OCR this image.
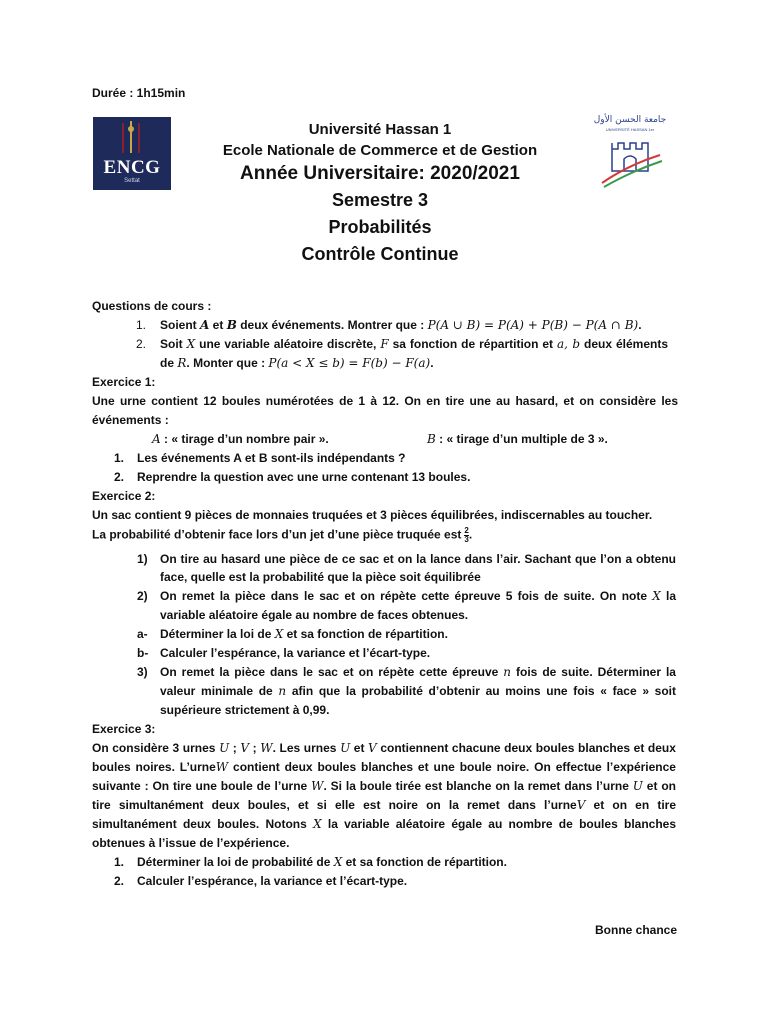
Durée : 1h15min
ENCG
Settat
جامعة الحسن الأول
UNIVERSITÉ HASSAN 1er
Université Hassan 1
Ecole Nationale de Commerce et de Gestion
Année Universitaire: 2020/2021
Semestre 3
Probabilités
Contrôle Continue
Questions de cours :
1. Soient A et B deux événements. Montrer que : P(A ∪ B) = P(A) + P(B) − P(A ∩ B).
2. Soit X une variable aléatoire discrète, F sa fonction de répartition et a, b deux éléments
de R. Monter que : P(a < X ≤ b) = F(b) − F(a).
Exercice 1:
Une urne contient 12 boules numérotées de 1 à 12. On en tire une au hasard, et on considère les
événements :
A : « tirage d’un nombre pair ».	B : « tirage d’un multiple de 3 ».
1. Les événements A et B sont-ils indépendants ?
2. Reprendre la question avec une urne contenant 13 boules.
Exercice 2:
Un sac contient 9 pièces de monnaies truquées et 3 pièces équilibrées, indiscernables au toucher.
La probabilité d’obtenir face lors d’un jet d’une pièce truquée est $\frac{2}{3}$ .
1) On tire au hasard une pièce de ce sac et on la lance dans l’air. Sachant que l’on a obtenu
face, quelle est la probabilité que la pièce soit équilibrée
2) On remet la pièce dans le sac et on répète cette épreuve 5 fois de suite. On note X la
variable aléatoire égale au nombre de faces obtenues.
a- Déterminer la loi de X et sa fonction de répartition.
b- Calculer l’espérance, la variance et l’écart-type.
3) On remet la pièce dans le sac et on répète cette épreuve n fois de suite. Déterminer la
valeur minimale de n afin que la probabilité d’obtenir au moins une fois « face » soit
supérieure strictement à 0,99.
Exercice 3:
On considère 3 urnes U ; V ; W. Les urnes U et V contiennent chacune deux boules blanches et deux
boules noires. L’urneW contient deux boules blanches et une boule noire. On effectue l’expérience
suivante : On tire une boule de l’urne W. Si la boule tirée est blanche on la remet dans l’urne U et on
tire simultanément deux boules, et si elle est noire on la remet dans l’urneV et on en tire
simultanément deux boules. Notons X la variable aléatoire égale au nombre de boules blanches
obtenues à l’issue de l’expérience.
1. Déterminer la loi de probabilité de X et sa fonction de répartition.
2. Calculer l’espérance, la variance et l’écart-type.
Bonne chance
